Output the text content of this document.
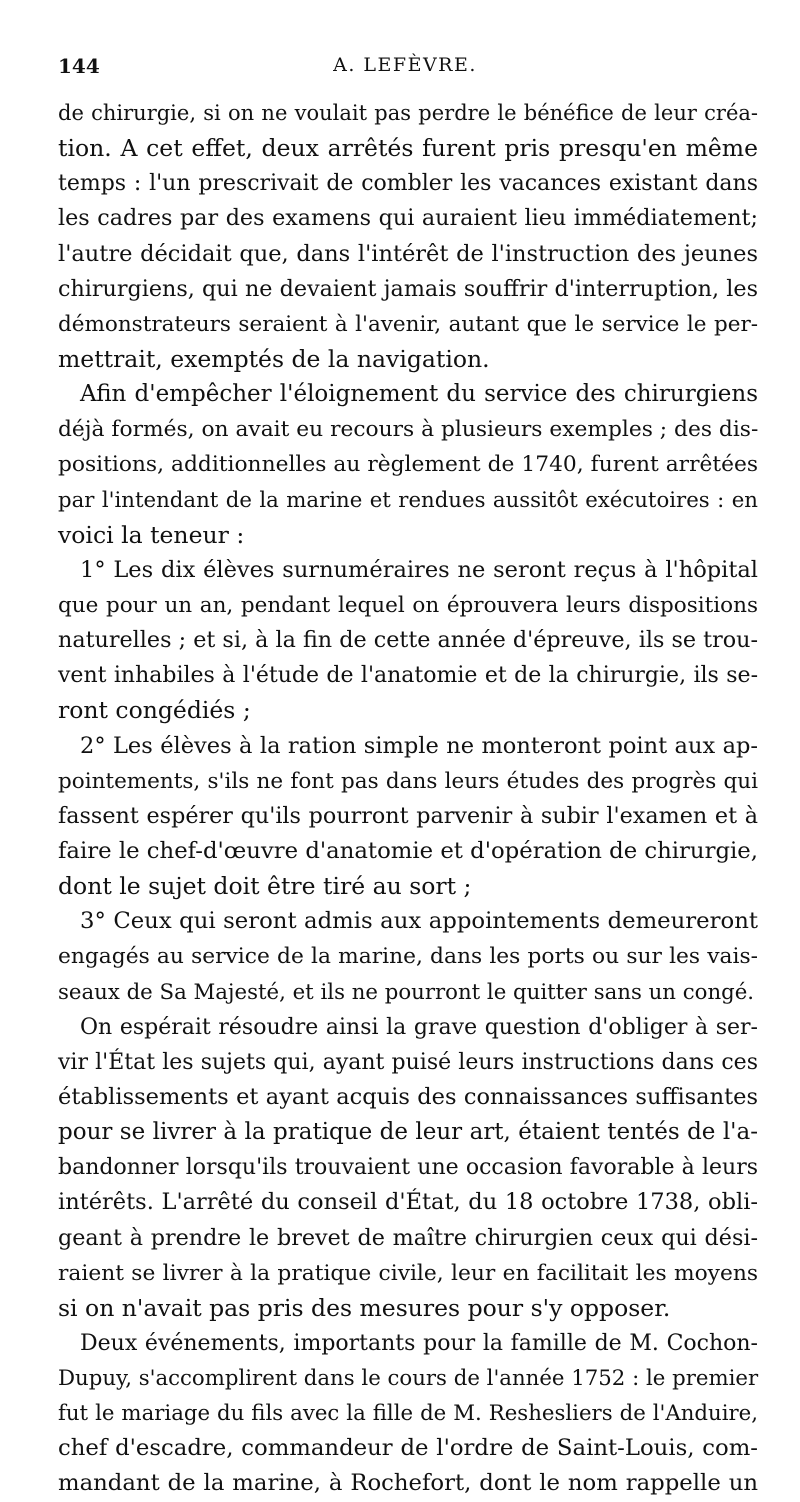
144	A. LEFÈVRE.
de chirurgie, si on ne voulait pas perdre le bénéfice de leur créa-
tion. A cet effet, deux arrêtés furent pris presqu'en même
temps : l'un prescrivait de combler les vacances existant dans
les cadres par des examens qui auraient lieu immédiatement;
l'autre décidait que, dans l'intérêt de l'instruction des jeunes
chirurgiens, qui ne devaient jamais souffrir d'interruption, les
démonstrateurs seraient à l'avenir, autant que le service le per-
mettrait, exemptés de la navigation.
Afin d'empêcher l'éloignement du service des chirurgiens
déjà formés, on avait eu recours à plusieurs exemples ; des dis-
positions, additionnelles au règlement de 1740, furent arrêtées
par l'intendant de la marine et rendues aussitôt exécutoires : en
voici la teneur :
1° Les dix élèves surnuméraires ne seront reçus à l'hôpital
que pour un an, pendant lequel on éprouvera leurs dispositions
naturelles ; et si, à la fin de cette année d'épreuve, ils se trou-
vent inhabiles à l'étude de l'anatomie et de la chirurgie, ils se-
ront congédiés ;
2° Les élèves à la ration simple ne monteront point aux ap-
pointements, s'ils ne font pas dans leurs études des progrès qui
fassent espérer qu'ils pourront parvenir à subir l'examen et à
faire le chef-d'œuvre d'anatomie et d'opération de chirurgie,
dont le sujet doit être tiré au sort ;
3° Ceux qui seront admis aux appointements demeureront
engagés au service de la marine, dans les ports ou sur les vais-
seaux de Sa Majesté, et ils ne pourront le quitter sans un congé.
On espérait résoudre ainsi la grave question d'obliger à ser-
vir l'État les sujets qui, ayant puisé leurs instructions dans ces
établissements et ayant acquis des connaissances suffisantes
pour se livrer à la pratique de leur art, étaient tentés de l'a-
bandonner lorsqu'ils trouvaient une occasion favorable à leurs
intérêts. L'arrêté du conseil d'État, du 18 octobre 1738, obli-
geant à prendre le brevet de maître chirurgien ceux qui dési-
raient se livrer à la pratique civile, leur en facilitait les moyens
si on n'avait pas pris des mesures pour s'y opposer.
Deux événements, importants pour la famille de M. Cochon-
Dupuy, s'accomplirent dans le cours de l'année 1752 : le premier
fut le mariage du fils avec la fille de M. Reshesliers de l'Anduire,
chef d'escadre, commandeur de l'ordre de Saint-Louis, com-
mandant de la marine, à Rochefort, dont le nom rappelle un
